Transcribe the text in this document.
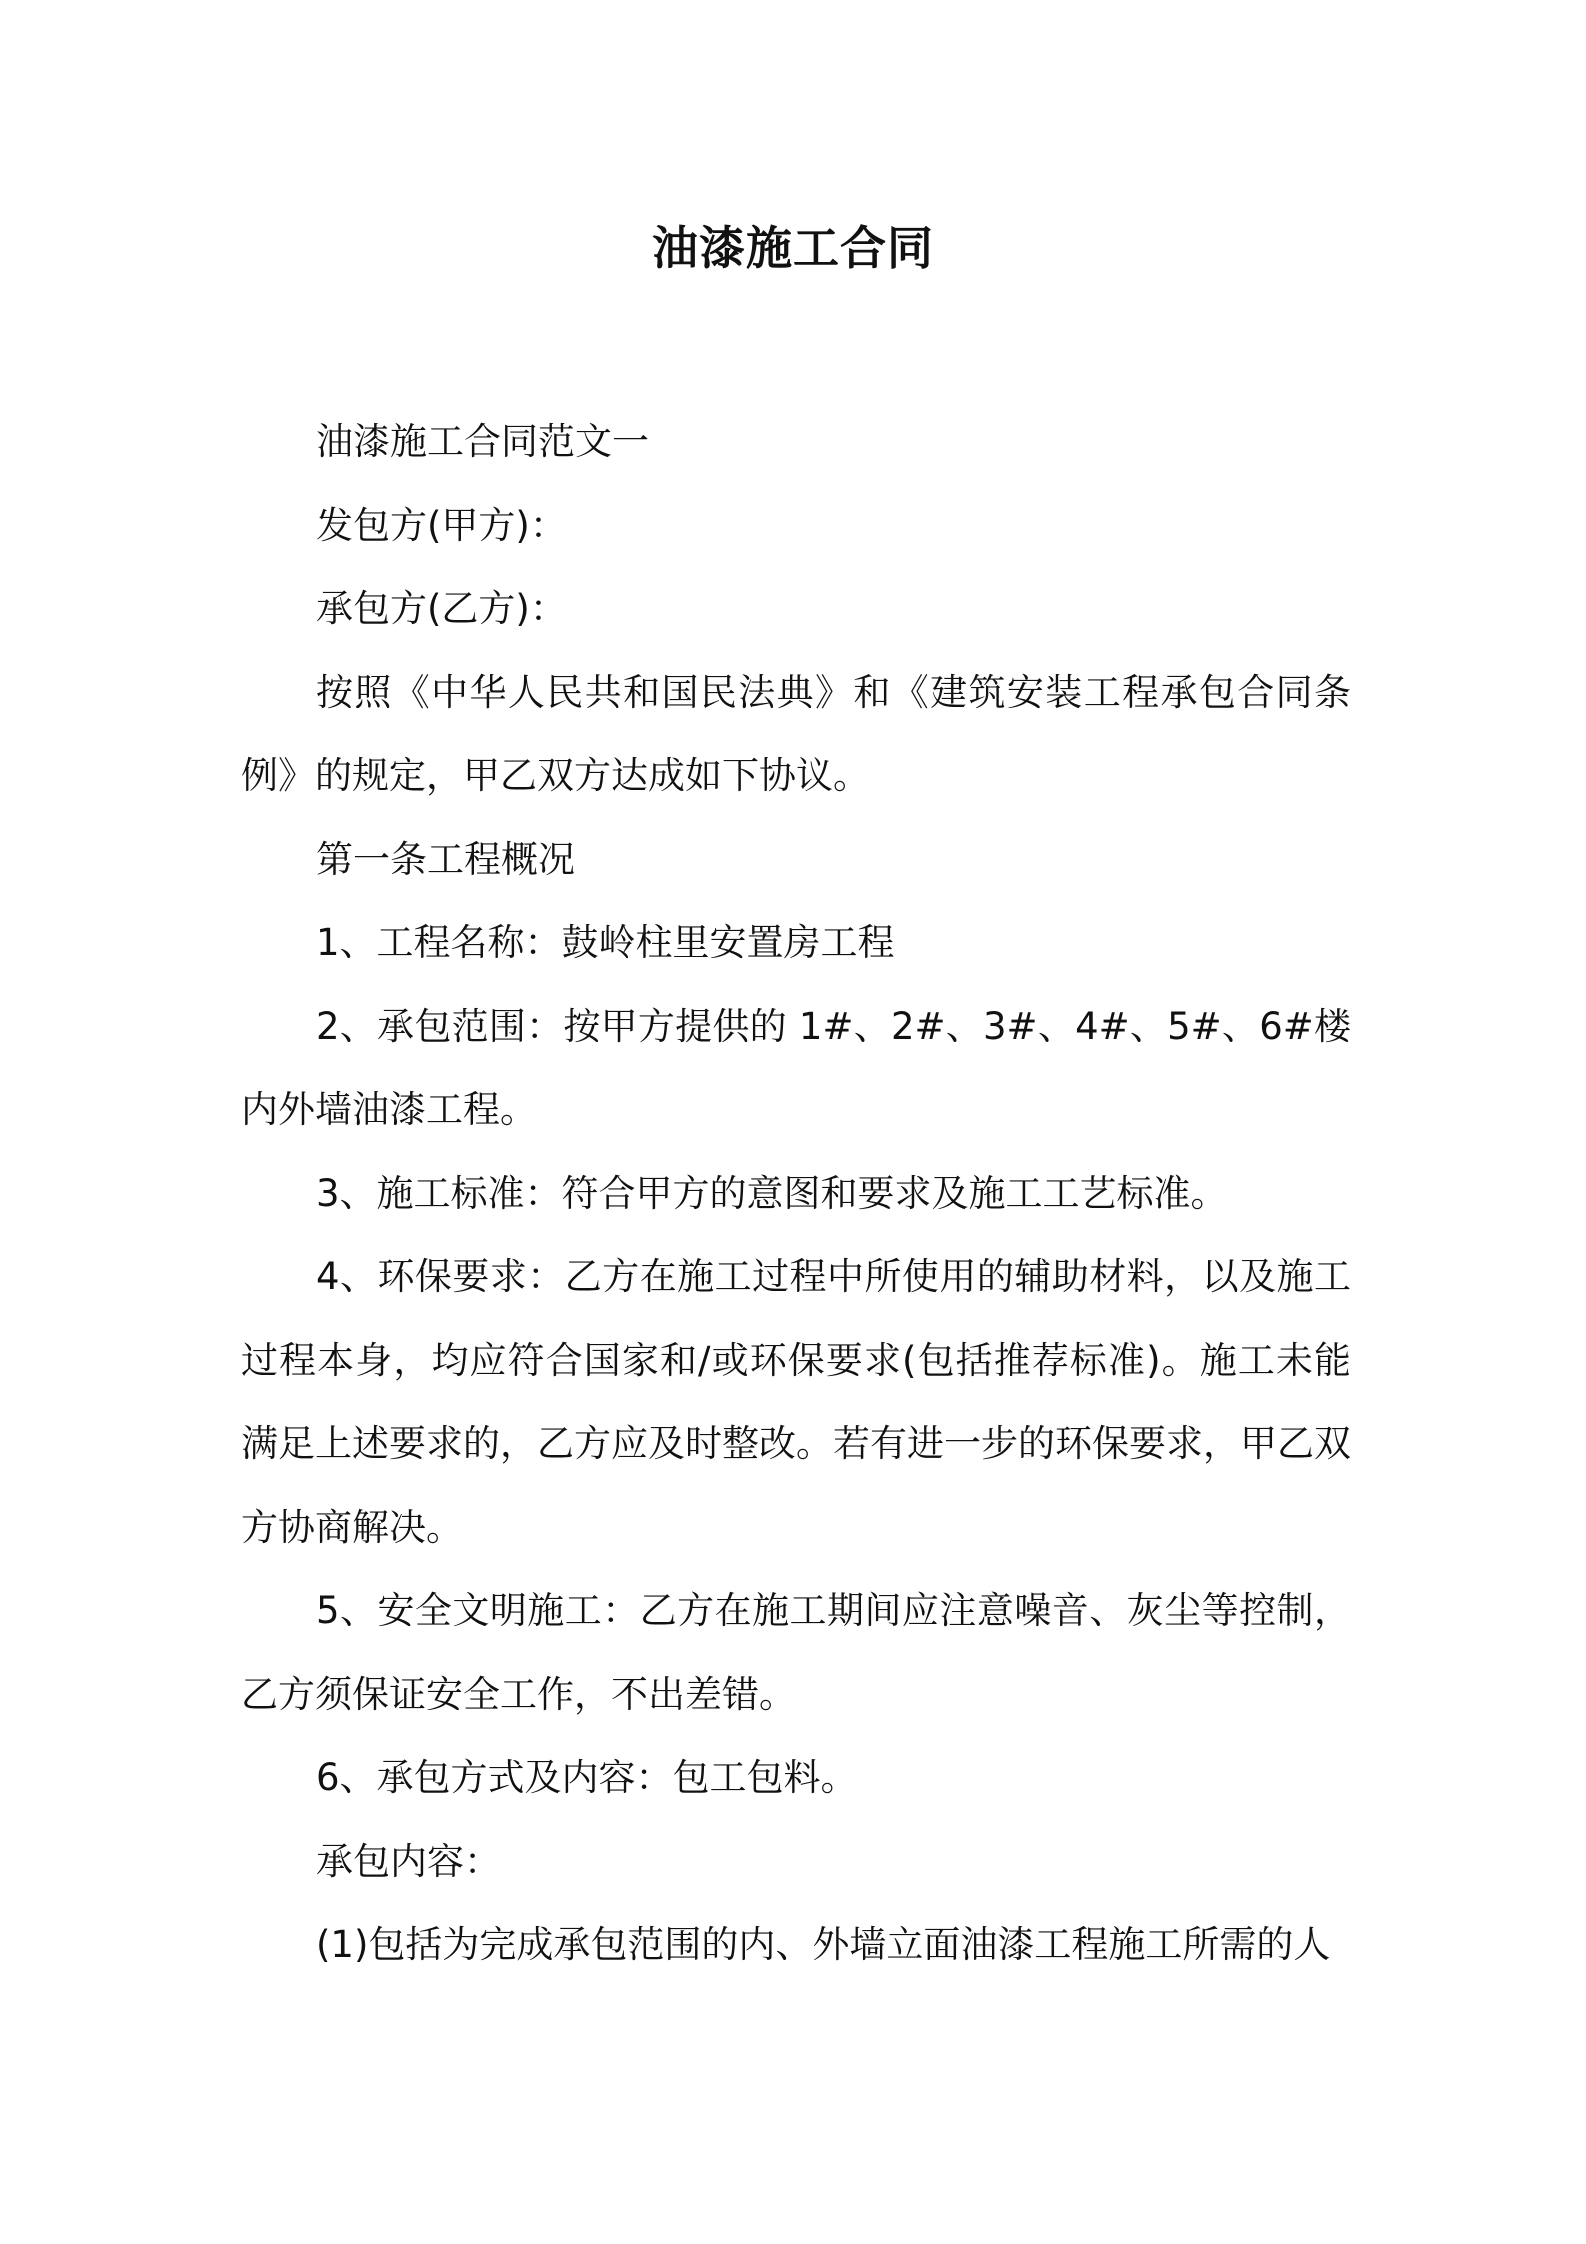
油漆施工合同

油漆施工合同范文一

发包方(甲方)：

承包方(乙方)：

按照《中华人民共和国民法典》和《建筑安装工程承包合同条例》的规定，甲乙双方达成如下协议。

第一条工程概况

1、工程名称：鼓岭柱里安置房工程

2、承包范围：按甲方提供的 1#、2#、3#、4#、5#、6#楼内外墙油漆工程。

3、施工标准：符合甲方的意图和要求及施工工艺标准。

4、环保要求：乙方在施工过程中所使用的辅助材料，以及施工过程本身，均应符合国家和/或环保要求(包括推荐标准)。施工未能满足上述要求的，乙方应及时整改。若有进一步的环保要求，甲乙双方协商解决。

5、安全文明施工：乙方在施工期间应注意噪音、灰尘等控制，乙方须保证安全工作，不出差错。

6、承包方式及内容：包工包料。

承包内容：

(1)包括为完成承包范围的内、外墙立面油漆工程施工所需的人
